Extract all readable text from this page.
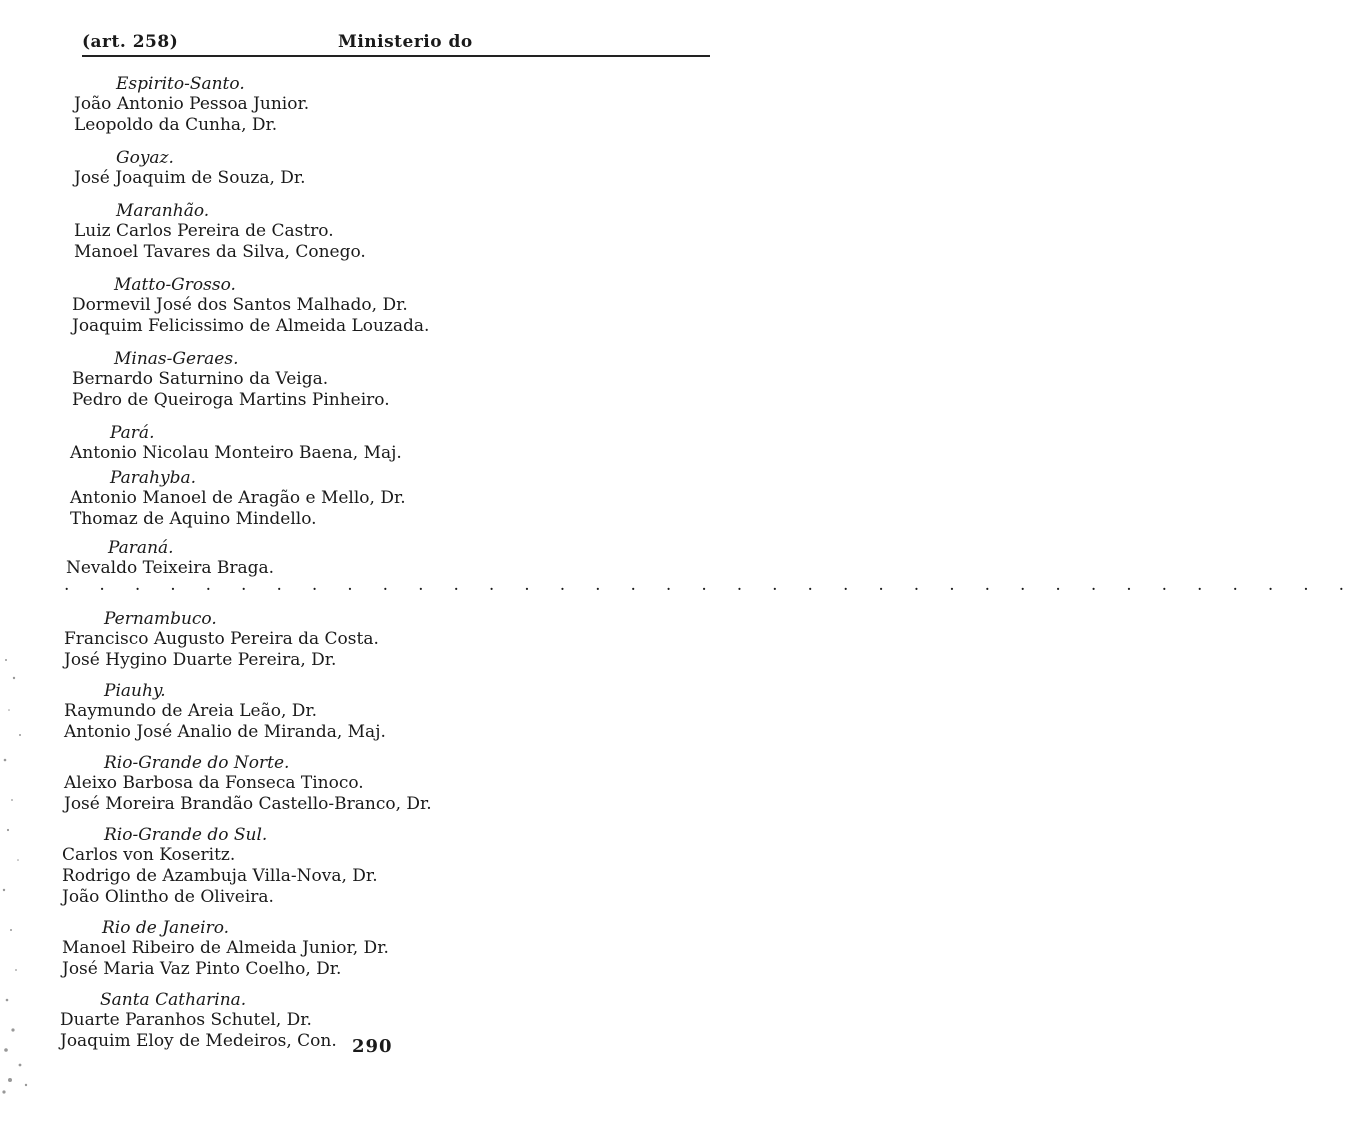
(art. 258)	Ministerio do
Espirito-Santo.
João Antonio Pessoa Junior.
Leopoldo da Cunha, Dr.
Goyaz.
José Joaquim de Souza, Dr.
Maranhão.
Luiz Carlos Pereira de Castro.
Manoel Tavares da Silva, Conego.
Matto-Grosso.
Dormevil José dos Santos Malhado, Dr.
Joaquim Felicissimo de Almeida Louzada.
Minas-Geraes.
Bernardo Saturnino da Veiga.
Pedro de Queiroga Martins Pinheiro.
Pará.
Antonio Nicolau Monteiro Baena, Maj.
Parahyba.
Antonio Manoel de Aragão e Mello, Dr.
Thomaz de Aquino Mindello.
Paraná.
Nevaldo Teixeira Braga.
Pernambuco.
Francisco Augusto Pereira da Costa.
José Hygino Duarte Pereira, Dr.
Piauhy.
Raymundo de Areia Leão, Dr.
Antonio José Analio de Miranda, Maj.
Rio-Grande do Norte.
Aleixo Barbosa da Fonseca Tinoco.
José Moreira Brandão Castello-Branco, Dr.
Rio-Grande do Sul.
Carlos von Koseritz.
Rodrigo de Azambuja Villa-Nova, Dr.
João Olintho de Oliveira.
Rio de Janeiro.
Manoel Ribeiro de Almeida Junior, Dr.
José Maria Vaz Pinto Coelho, Dr.
Santa Catharina.
Duarte Paranhos Schutel, Dr.
Joaquim Eloy de Medeiros, Con.
. . . . . . . . . . . . . . . . . . . . . . . . . . . . . . . . . . . . .
290
